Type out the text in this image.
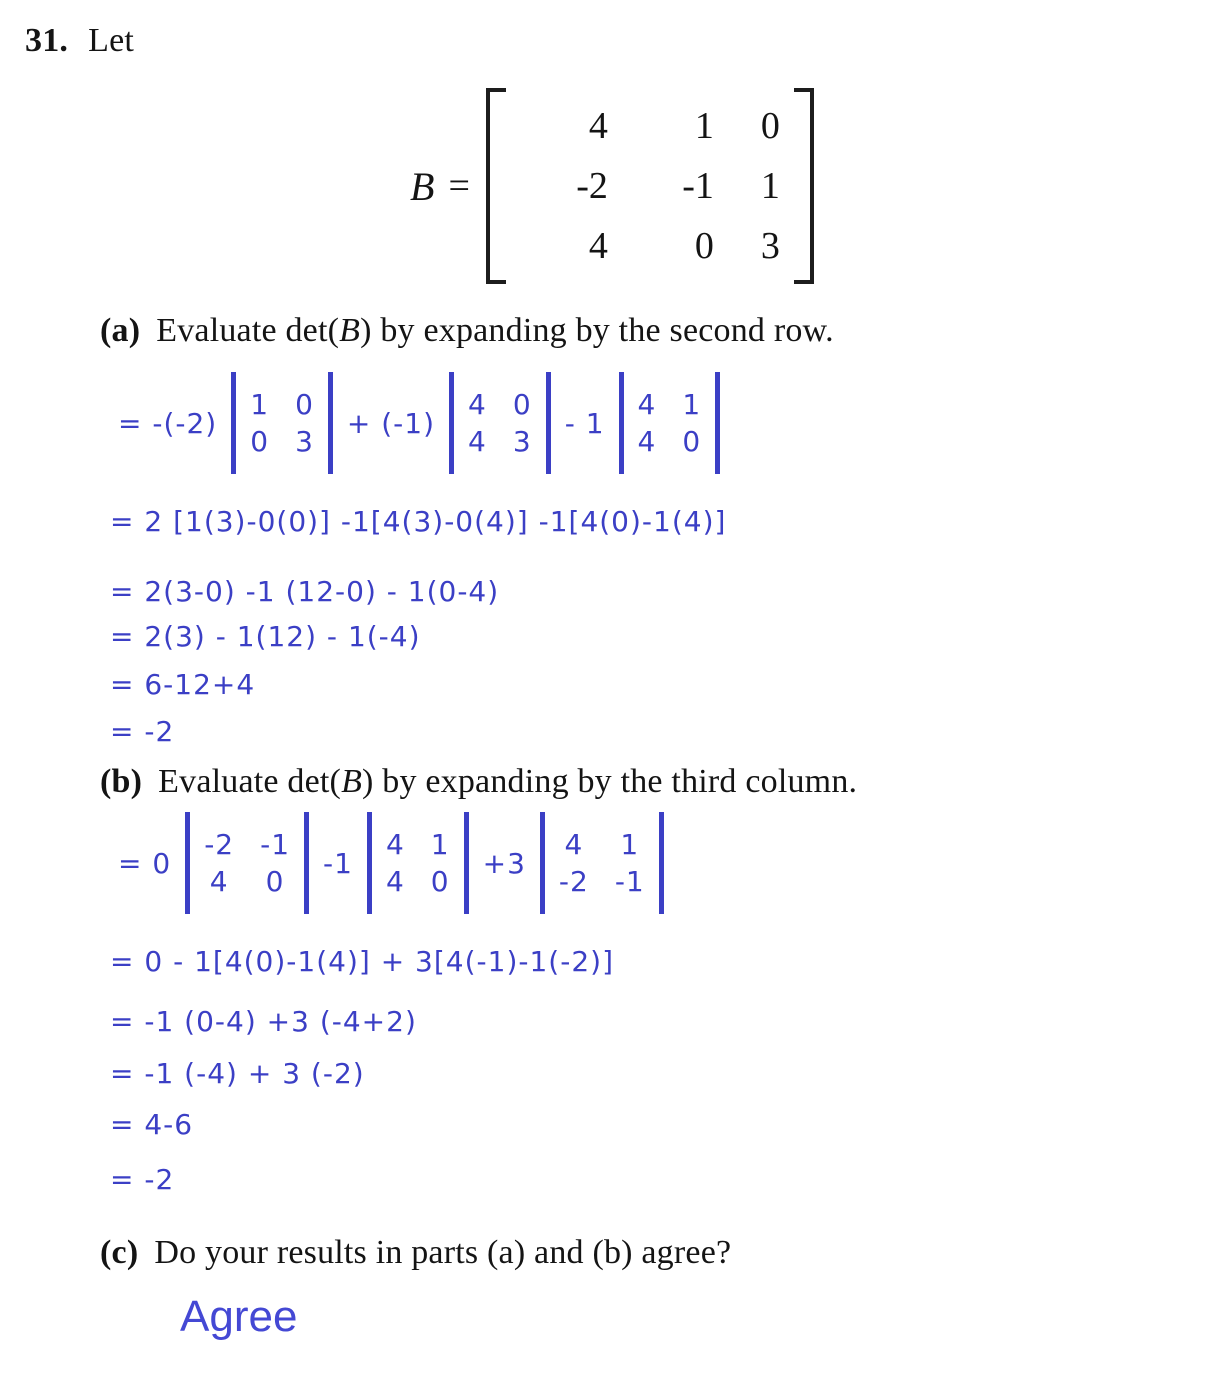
31. Let
B =
4	1	0
-2	-1	1
4	0	3
(a) Evaluate det(B) by expanding by the second row.
= -(-2)
1 0
0 3
+ (-1)
4 0
4 3
- 1
4 1
4 0
= 2 [1(3)-0(0)] -1[4(3)-0(4)] -1[4(0)-1(4)]
= 2(3-0) -1 (12-0) - 1(0-4)
= 2(3) - 1(12) - 1(-4)
= 6-12+4
= -2
(b) Evaluate det(B) by expanding by the third column.
= 0
-2 -1
4 0
-1
4 1
4 0
+3
4 1
-2 -1
= 0 - 1[4(0)-1(4)] + 3[4(-1)-1(-2)]
= -1 (0-4) +3 (-4+2)
= -1 (-4) + 3 (-2)
= 4-6
= -2
(c) Do your results in parts (a) and (b) agree?
Agree
